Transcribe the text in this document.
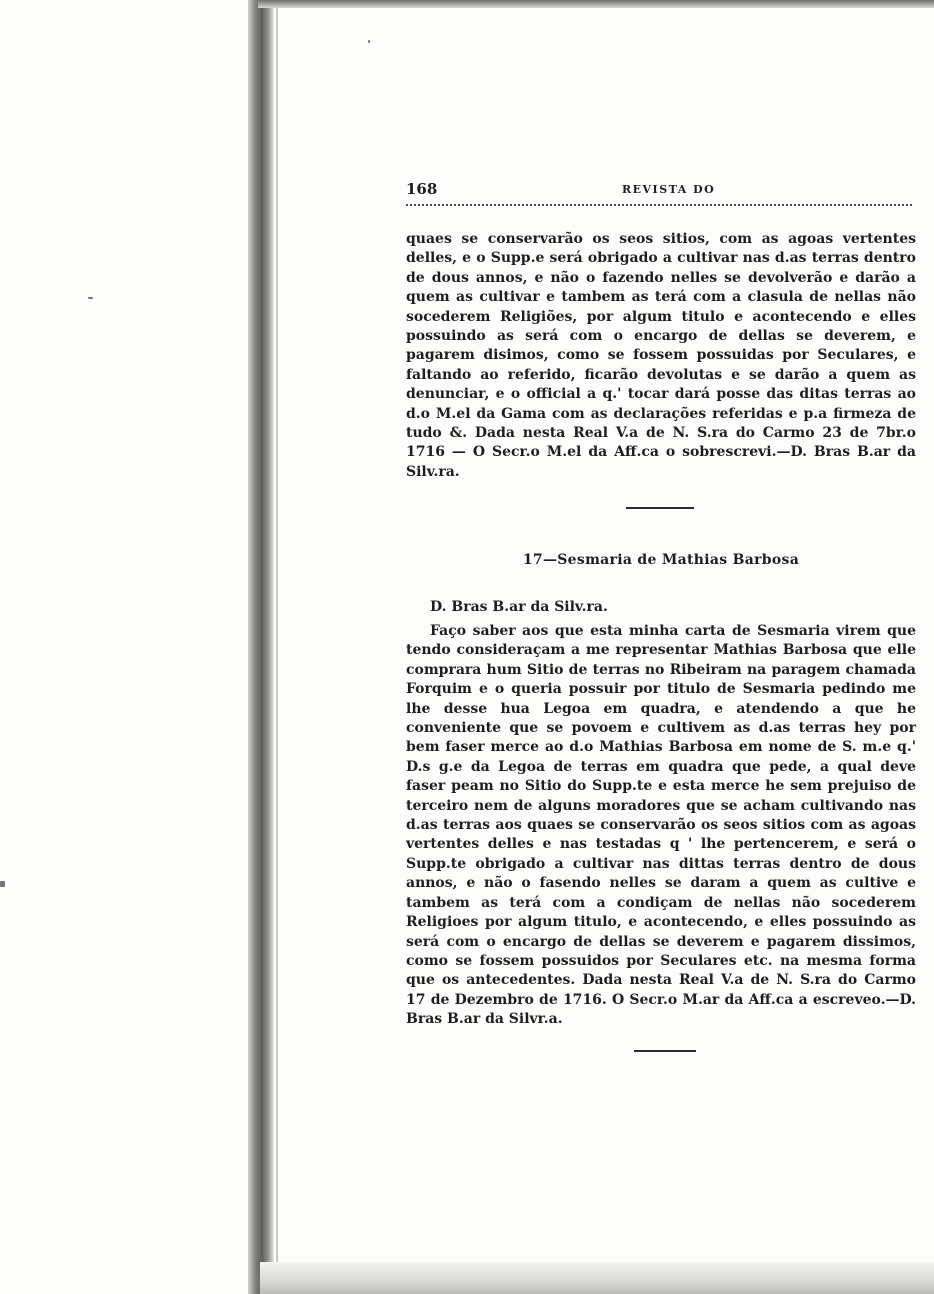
168	REVISTA DO

quaes se conservarão os seos sitios, com as agoas vertentes delles, e o Supp.e será obrigado a cultivar nas d.as terras dentro de dous annos, e não o fazendo nelles se devolverão e darão a quem as cultivar e tambem as terá com a clasula de nellas não socederem Religiões, por algum titulo e acontecendo e elles possuindo as será com o encargo de dellas se deverem, e pagarem disimos, como se fossem possuidas por Seculares, e faltando ao referido, ficarão devolutas e se darão a quem as denunciar, e o official a q.' tocar dará posse das ditas terras ao d.o M.el da Gama com as declarações referidas e p.a firmeza de tudo &. Dada nesta Real V.a de N. S.ra do Carmo 23 de 7br.o 1716 — O Secr.o M.el da Aff.ca o sobrescrevi.—D. Bras B.ar da Silv.ra.

17—Sesmaria de Mathias Barbosa
D. Bras B.ar da Silv.ra.

Faço saber aos que esta minha carta de Sesmaria virem que tendo consideraçam a me representar Mathias Barbosa que elle comprara hum Sitio de terras no Ribeiram na paragem chamada Forquim e o queria possuir por titulo de Sesmaria pedindo me lhe desse hua Legoa em quadra, e atendendo a que he conveniente que se povoem e cultivem as d.as terras hey por bem faser merce ao d.o Mathias Barbosa em nome de S. m.e q.' D.s g.e da Legoa de terras em quadra que pede, a qual deve faser peam no Sitio do Supp.te e esta merce he sem prejuiso de terceiro nem de alguns moradores que se acham cultivando nas d.as terras aos quaes se conservarão os seos sitios com as agoas vertentes delles e nas testadas q ' lhe pertencerem, e será o Supp.te obrigado a cultivar nas dittas terras dentro de dous annos, e não o fasendo nelles se daram a quem as cultive e tambem as terá com a condiçam de nellas não socederem Religioes por algum titulo, e acontecendo, e elles possuindo as será com o encargo de dellas se deverem e pagarem dissimos, como se fossem possuidos por Seculares etc. na mesma forma que os antecedentes. Dada nesta Real V.a de N. S.ra do Carmo 17 de Dezembro de 1716. O Secr.o M.ar da Aff.ca a escreveo.—D. Bras B.ar da Silvr.a.
